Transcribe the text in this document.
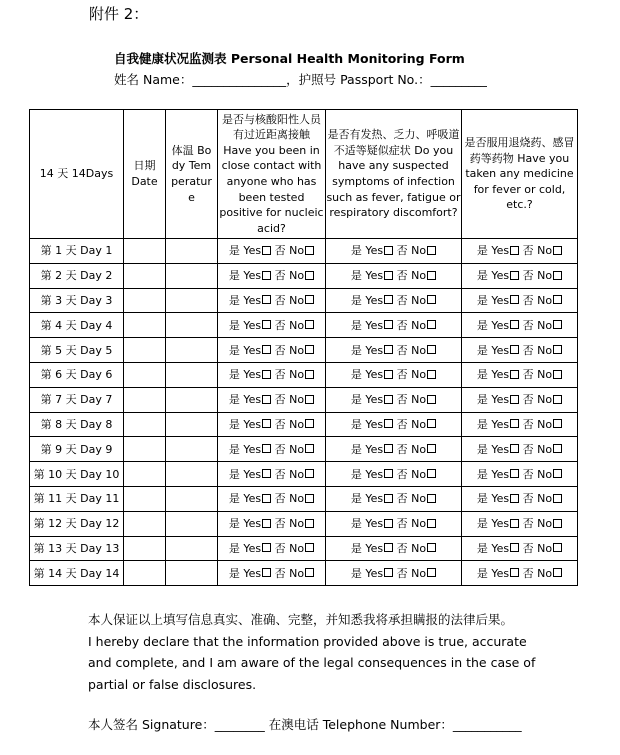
附件 2：
自我健康状况监测表 Personal Health Monitoring Form
姓名 Name：_______________，护照号 Passport No.：_________
14 天 14Days	日期 Date	体温 Body Temperature	是否与核酸阳性人员有过近距离接触 Have you been in close contact with anyone who has been tested positive for nucleic acid?	是否有发热、乏力、呼吸道不适等疑似症状 Do you have any suspected symptoms of infection such as fever, fatigue or respiratory discomfort?	是否服用退烧药、感冒药等药物 Have you taken any medicine for fever or cold, etc.?
第 1 天 Day 1			是 Yes 否 No	是 Yes 否 No	是 Yes 否 No
第 2 天 Day 2			是 Yes 否 No	是 Yes 否 No	是 Yes 否 No
第 3 天 Day 3			是 Yes 否 No	是 Yes 否 No	是 Yes 否 No
第 4 天 Day 4			是 Yes 否 No	是 Yes 否 No	是 Yes 否 No
第 5 天 Day 5			是 Yes 否 No	是 Yes 否 No	是 Yes 否 No
第 6 天 Day 6			是 Yes 否 No	是 Yes 否 No	是 Yes 否 No
第 7 天 Day 7			是 Yes 否 No	是 Yes 否 No	是 Yes 否 No
第 8 天 Day 8			是 Yes 否 No	是 Yes 否 No	是 Yes 否 No
第 9 天 Day 9			是 Yes 否 No	是 Yes 否 No	是 Yes 否 No
第 10 天 Day 10			是 Yes 否 No	是 Yes 否 No	是 Yes 否 No
第 11 天 Day 11			是 Yes 否 No	是 Yes 否 No	是 Yes 否 No
第 12 天 Day 12			是 Yes 否 No	是 Yes 否 No	是 Yes 否 No
第 13 天 Day 13			是 Yes 否 No	是 Yes 否 No	是 Yes 否 No
第 14 天 Day 14			是 Yes 否 No	是 Yes 否 No	是 Yes 否 No
本人保证以上填写信息真实、准确、完整，并知悉我将承担瞒报的法律后果。
I hereby declare that the information provided above is true, accurate and complete, and I am aware of the legal consequences in the case of partial or false disclosures.
本人签名 Signature：________ 在澳电话 Telephone Number：___________
